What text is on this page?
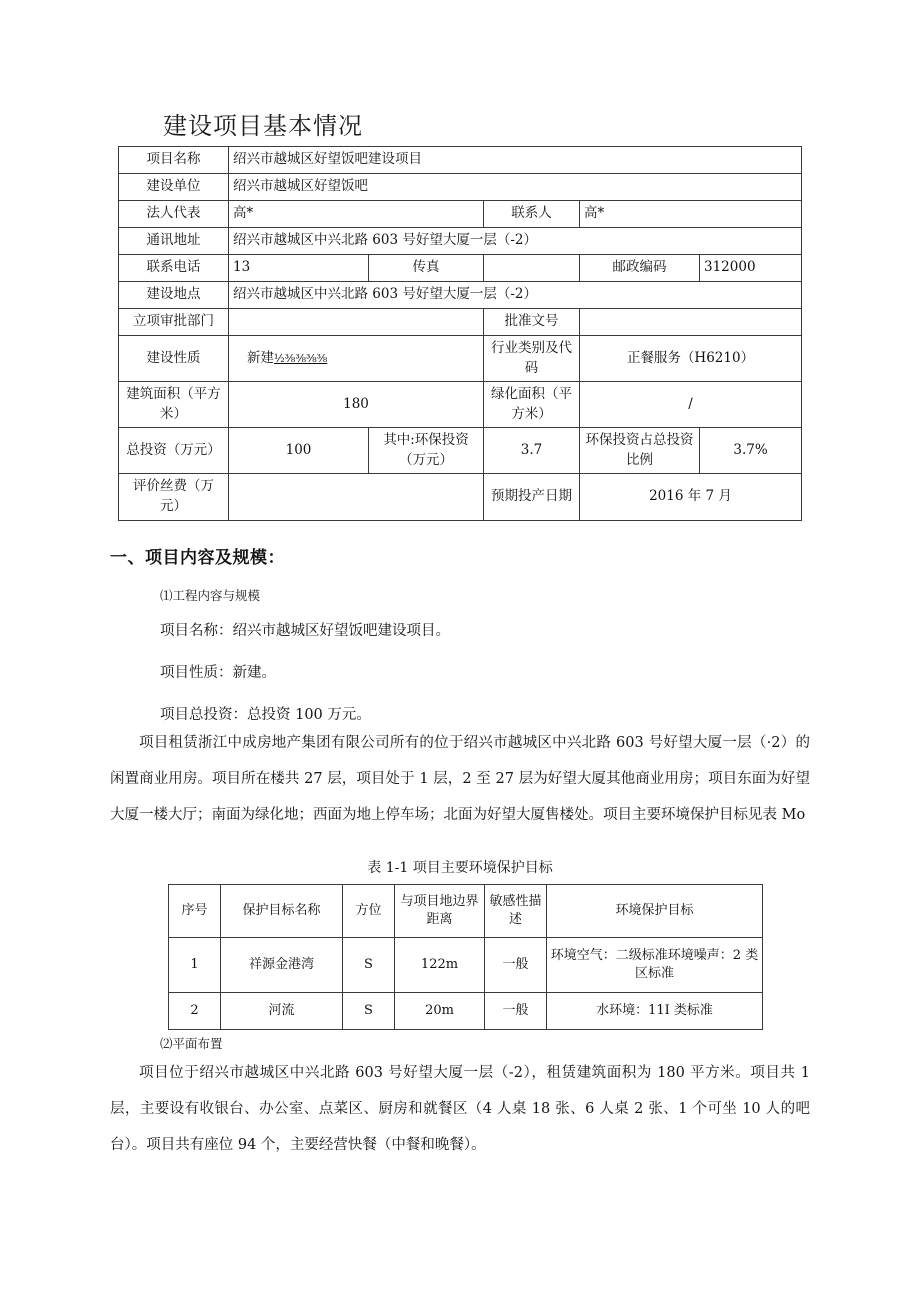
建设项目基本情况
项目名称	绍兴市越城区好望饭吧建设项目				
建设单位	绍兴市越城区好望饭吧				
法人代表	高*		联系人	高*	
通讯地址	绍兴市越城区中兴北路 603 号好望大厦一层（-2）				
联系电话	13	传真		邮政编码	312000
建设地点	绍兴市越城区中兴北路 603 号好望大厦一层（-2）				
立项审批部门			批准文号		
建设性质	新建½⅜⅜⅜⅜		行业类别及代码	正餐服务（H6210）	
建筑面积（平方米）	180		绿化面积（平方米）	/	
总投资（万元）	100	其中:环保投资（万元）	3.7	环保投资占总投资比例	3.7%
评价丝费（万元）			预期投产日期	2016 年 7 月	
一、项目内容及规模：
⑴工程内容与规模
项目名称：绍兴市越城区好望饭吧建设项目。
项目性质：新建。
项目总投资：总投资 100 万元。
项目租赁浙江中成房地产集团有限公司所有的位于绍兴市越城区中兴北路 603 号好望大厦一层（·2）的闲置商业用房。项目所在楼共 27 层，项目处于 1 层，2 至 27 层为好望大厦其他商业用房；项目东面为好望大厦一楼大厅；南面为绿化地；西面为地上停车场；北面为好望大厦售楼处。项目主要环境保护目标见表 Mo
表 1-1 项目主要环境保护目标
序号	保护目标名称	方位	与项目地边界距离	敏感性描述	环境保护目标
1	祥源金港湾	S	122m	一般	环境空气：二级标准环境噪声：2 类区标准
2	河流	S	20m	一般	水环境：11I 类标准
⑵平面布置
项目位于绍兴市越城区中兴北路 603 号好望大厦一层（-2），租赁建筑面积为 180 平方米。项目共 1 层，主要设有收银台、办公室、点菜区、厨房和就餐区（4 人桌 18 张、6 人桌 2 张、1 个可坐 10 人的吧台）。项目共有座位 94 个，主要经营快餐（中餐和晚餐）。
